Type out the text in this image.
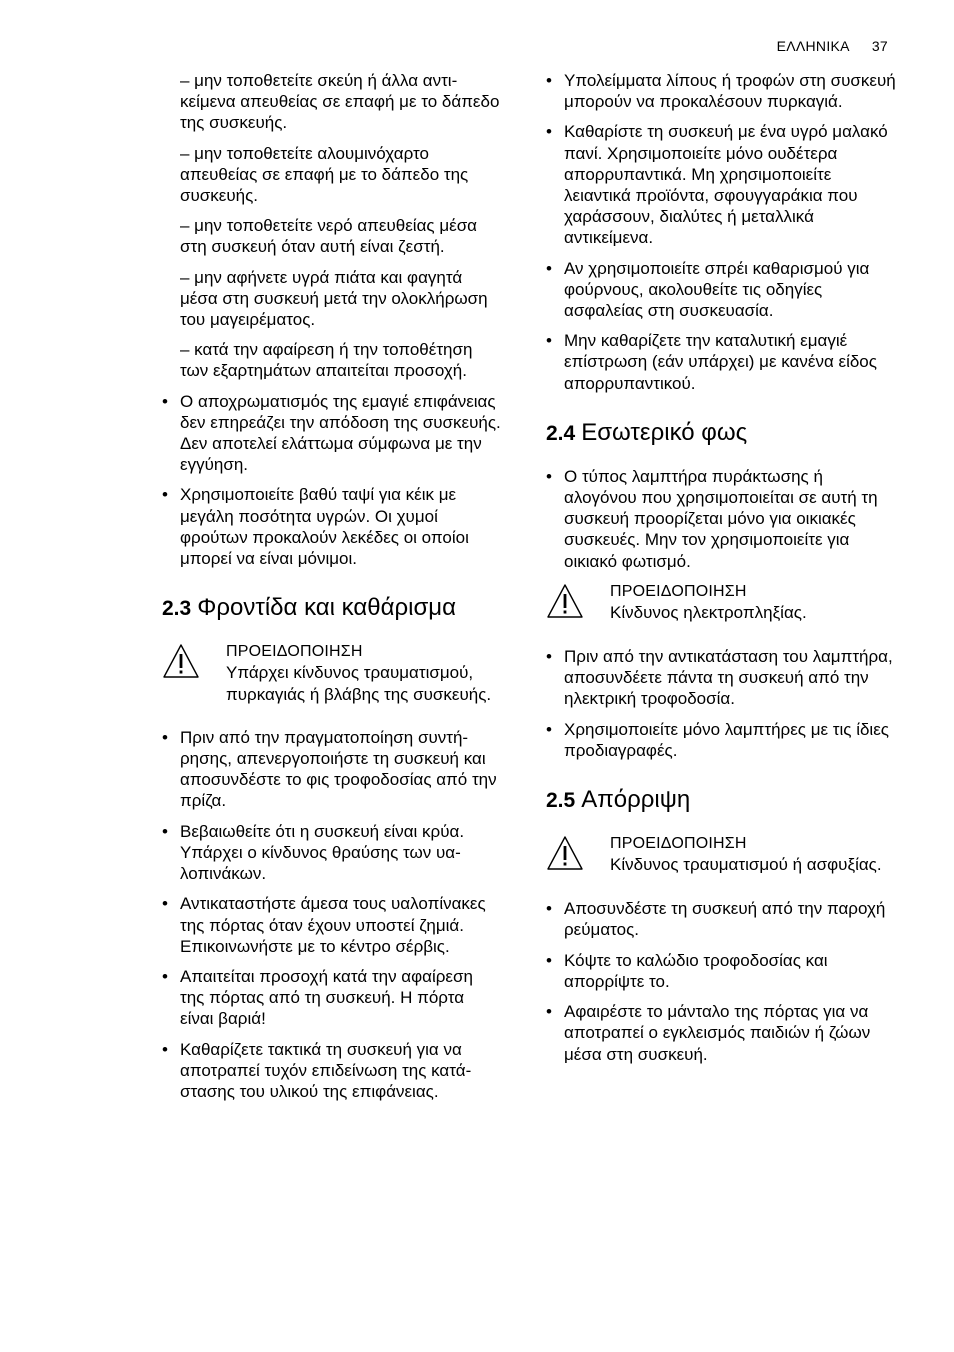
ΕΛΛΗΝΙΚΑ 37

– μην τοποθετείτε σκεύη ή άλλα αντικείμενα απευθείας σε επαφή με το δάπεδο της συσκευής.

– μην τοποθετείτε αλουμινόχαρτο απευθείας σε επαφή με το δάπεδο της συσκευής.

– μην τοποθετείτε νερό απευθείας μέσα στη συσκευή όταν αυτή είναι ζεστή.

– μην αφήνετε υγρά πιάτα και φαγητά μέσα στη συσκευή μετά την ολοκλήρωση του μαγειρέματος.

– κατά την αφαίρεση ή την τοποθέτηση των εξαρτημάτων απαιτείται προσοχή.

• Ο αποχρωματισμός της εμαγιέ επιφάνειας δεν επηρεάζει την απόδοση της συσκευής. Δεν αποτελεί ελάττωμα σύμφωνα με την εγγύηση.
• Χρησιμοποιείτε βαθύ ταψί για κέικ με μεγάλη ποσότητα υγρών. Οι χυμοί φρούτων προκαλούν λεκέδες οι οποίοι μπορεί να είναι μόνιμοι.
2.3 Φροντίδα και καθάρισμα
ΠΡΟΕΙΔΟΠΟΙΗΣΗ
Υπάρχει κίνδυνος τραυματισμού, πυρκαγιάς ή βλάβης της συσκευής.
• Πριν από την πραγματοποίηση συντήρησης, απενεργοποιήστε τη συσκευή και αποσυνδέστε το φις τροφοδοσίας από την πρίζα.
• Βεβαιωθείτε ότι η συσκευή είναι κρύα. Υπάρχει ο κίνδυνος θραύσης των υαλοπινάκων.
• Αντικαταστήστε άμεσα τους υαλοπίνακες της πόρτας όταν έχουν υποστεί ζημιά. Επικοινωνήστε με το κέντρο σέρβις.
• Απαιτείται προσοχή κατά την αφαίρεση της πόρτας από τη συσκευή. Η πόρτα είναι βαριά!
• Καθαρίζετε τακτικά τη συσκευή για να αποτραπεί τυχόν επιδείνωση της κατάστασης του υλικού της επιφάνειας.
• Υπολείμματα λίπους ή τροφών στη συσκευή μπορούν να προκαλέσουν πυρκαγιά.
• Καθαρίστε τη συσκευή με ένα υγρό μαλακό πανί. Χρησιμοποιείτε μόνο ουδέτερα απορρυπαντικά. Μη χρησιμοποιείτε λειαντικά προϊόντα, σφουγγαράκια που χαράσσουν, διαλύτες ή μεταλλικά αντικείμενα.
• Αν χρησιμοποιείτε σπρέι καθαρισμού για φούρνους, ακολουθείτε τις οδηγίες ασφαλείας στη συσκευασία.
• Μην καθαρίζετε την καταλυτική εμαγιέ επίστρωση (εάν υπάρχει) με κανένα είδος απορρυπαντικού.
2.4 Εσωτερικό φως
• Ο τύπος λαμπτήρα πυράκτωσης ή αλογόνου που χρησιμοποιείται σε αυτή τη συσκευή προορίζεται μόνο για οικιακές συσκευές. Μην τον χρησιμοποιείτε για οικιακό φωτισμό.
ΠΡΟΕΙΔΟΠΟΙΗΣΗ
Κίνδυνος ηλεκτροπληξίας.
• Πριν από την αντικατάσταση του λαμπτήρα, αποσυνδέετε πάντα τη συσκευή από την ηλεκτρική τροφοδοσία.
• Χρησιμοποιείτε μόνο λαμπτήρες με τις ίδιες προδιαγραφές.
2.5 Απόρριψη
ΠΡΟΕΙΔΟΠΟΙΗΣΗ
Κίνδυνος τραυματισμού ή ασφυξίας.
• Αποσυνδέστε τη συσκευή από την παροχή ρεύματος.
• Κόψτε το καλώδιο τροφοδοσίας και απορρίψτε το.
• Αφαιρέστε το μάνταλο της πόρτας για να αποτραπεί ο εγκλεισμός παιδιών ή ζώων μέσα στη συσκευή.
